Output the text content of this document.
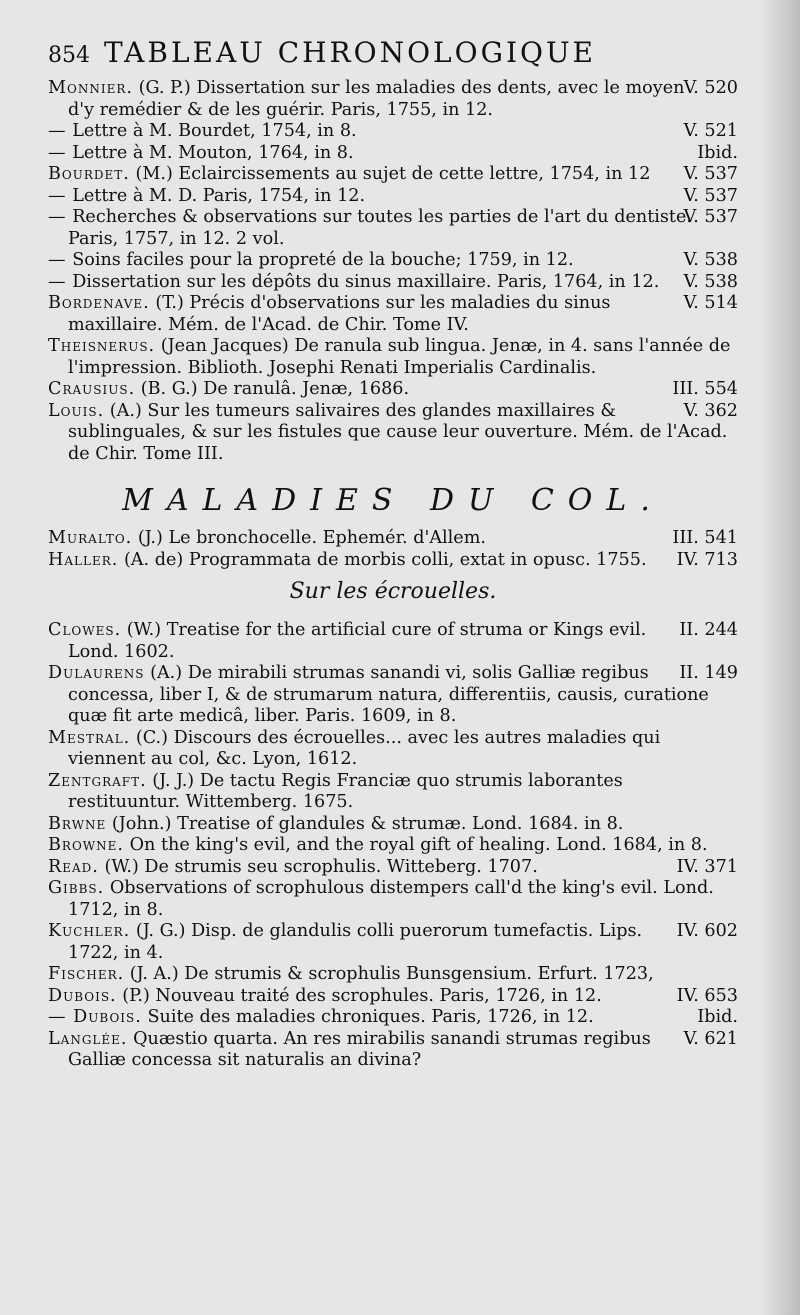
854 TABLEAU CHRONOLOGIQUE

V. 520
Monnier. (G. P.) Dissertation sur les maladies des dents, avec le moyen d'y remédier & de les guérir. Paris, 1755, in 12.

V. 521
— Lettre à M. Bourdet, 1754, in 8.

Ibid.
— Lettre à M. Mouton, 1764, in 8.

V. 537
Bourdet. (M.) Eclaircissements au sujet de cette lettre, 1754, in 12

V. 537
— Lettre à M. D. Paris, 1754, in 12.

V. 537
— Recherches & observations sur toutes les parties de l'art du dentiste. Paris, 1757, in 12. 2 vol.

V. 538
— Soins faciles pour la propreté de la bouche; 1759, in 12.

V. 538
— Dissertation sur les dépôts du sinus maxillaire. Paris, 1764, in 12.

V. 514
Bordenave. (T.) Précis d'observations sur les maladies du sinus maxillaire. Mém. de l'Acad. de Chir. Tome IV.

Theisnerus. (Jean Jacques) De ranula sub lingua. Jenæ, in 4. sans l'année de l'impression. Biblioth. Josephi Renati Imperialis Cardinalis.

III. 554
Crausius. (B. G.) De ranulâ. Jenæ, 1686.

V. 362
Louis. (A.) Sur les tumeurs salivaires des glandes maxillaires & sublinguales, & sur les fistules que cause leur ouverture. Mém. de l'Acad. de Chir. Tome III.

MALADIES DU COL.

III. 541
Muralto. (J.) Le bronchocelle. Ephemér. d'Allem.

IV. 713
Haller. (A. de) Programmata de morbis colli, extat in opusc. 1755.

Sur les écrouelles.

II. 244
Clowes. (W.) Treatise for the artificial cure of struma or Kings evil. Lond. 1602.

II. 149
Dulaurens (A.) De mirabili strumas sanandi vi, solis Galliæ regibus concessa, liber I, & de strumarum natura, differentiis, causis, curatione quæ fit arte medicâ, liber. Paris. 1609, in 8.

Mestral. (C.) Discours des écrouelles... avec les autres maladies qui viennent au col, &c. Lyon, 1612.

Zentgraft. (J. J.) De tactu Regis Franciæ quo strumis laborantes restituuntur. Wittemberg. 1675.

Brwne (John.) Treatise of glandules & strumæ. Lond. 1684. in 8.

Browne. On the king's evil, and the royal gift of healing. Lond. 1684, in 8.

IV. 371
Read. (W.) De strumis seu scrophulis. Witteberg. 1707.

Gibbs. Observations of scrophulous distempers call'd the king's evil. Lond. 1712, in 8.

IV. 602
Kuchler. (J. G.) Disp. de glandulis colli puerorum tumefactis. Lips. 1722, in 4.

Fischer. (J. A.) De strumis & scrophulis Bunsgensium. Erfurt. 1723,

IV. 653
Dubois. (P.) Nouveau traité des scrophules. Paris, 1726, in 12.

Ibid.
— Dubois. Suite des maladies chroniques. Paris, 1726, in 12.

V. 621
Langlée. Quæstio quarta. An res mirabilis sanandi strumas regibus Galliæ concessa sit naturalis an divina?
